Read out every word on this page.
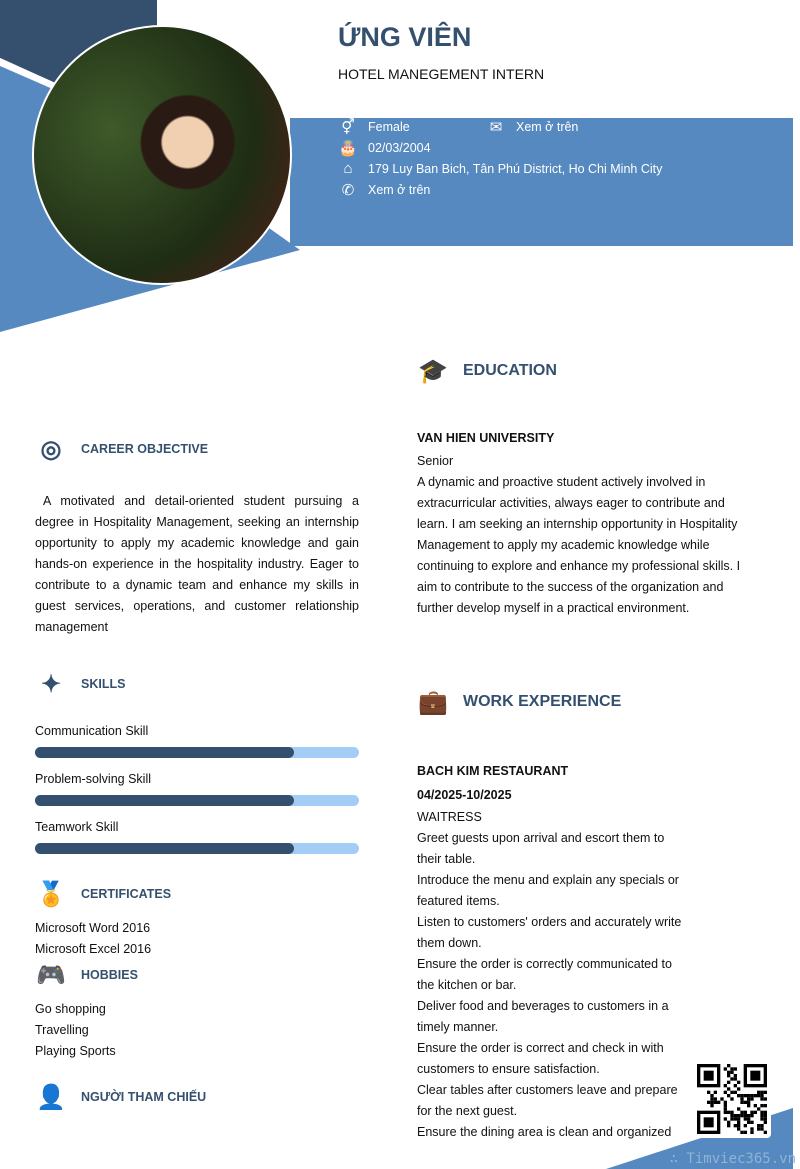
ỨNG VIÊN
HOTEL MANEGEMENT INTERN
⚥ Female	✉ Xem ở trên
🎂 02/03/2004
⌂	179 Luy Ban Bich, Tân Phú District, Ho Chi Minh City
✆ Xem ở trên
◎	CAREER OBJECTIVE
A motivated and detail-oriented student pursuing a degree in Hospitality Management, seeking an internship opportunity to apply my academic knowledge and gain hands-on experience in the hospitality industry. Eager to contribute to a dynamic team and enhance my skills in guest services, operations, and customer relationship management
✦	SKILLS
Communication Skill
Problem-solving Skill
Teamwork Skill
🏅 CERTIFICATES
Microsoft Word 2016
Microsoft Excel 2016
🎮 HOBBIES
Go shopping
Travelling
Playing Sports
👤 NGƯỜI THAM CHIẾU
🎓 EDUCATION
VAN HIEN UNIVERSITY
Senior
A dynamic and proactive student actively involved in extracurricular activities, always eager to contribute and learn. I am seeking an internship opportunity in Hospitality Management to apply my academic knowledge while continuing to explore and enhance my professional skills. I aim to contribute to the success of the organization and further develop myself in a practical environment.
💼 WORK EXPERIENCE
BACH KIM RESTAURANT
04/2025-10/2025
WAITRESS
Greet guests upon arrival and escort them to their table.
Introduce the menu and explain any specials or featured items.
Listen to customers' orders and accurately write them down.
Ensure the order is correctly communicated to the kitchen or bar.
Deliver food and beverages to customers in a timely manner.
Ensure the order is correct and check in with customers to ensure satisfaction.
Clear tables after customers leave and prepare for the next guest.
Ensure the dining area is clean and organized
∴ Timviec365.vn
